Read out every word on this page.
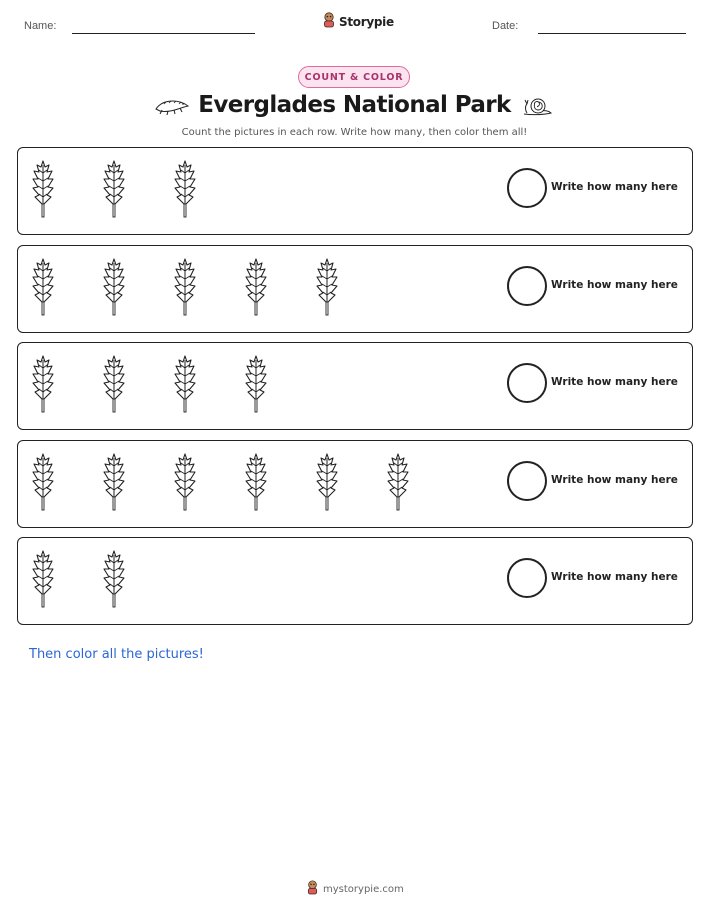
Name:	Storypie	Date:
COUNT & COLOR
Everglades National Park
Count the pictures in each row. Write how many, then color them all!
Write how many here
Write how many here
Write how many here
Write how many here
Write how many here
Then color all the pictures!
mystorypie.com
